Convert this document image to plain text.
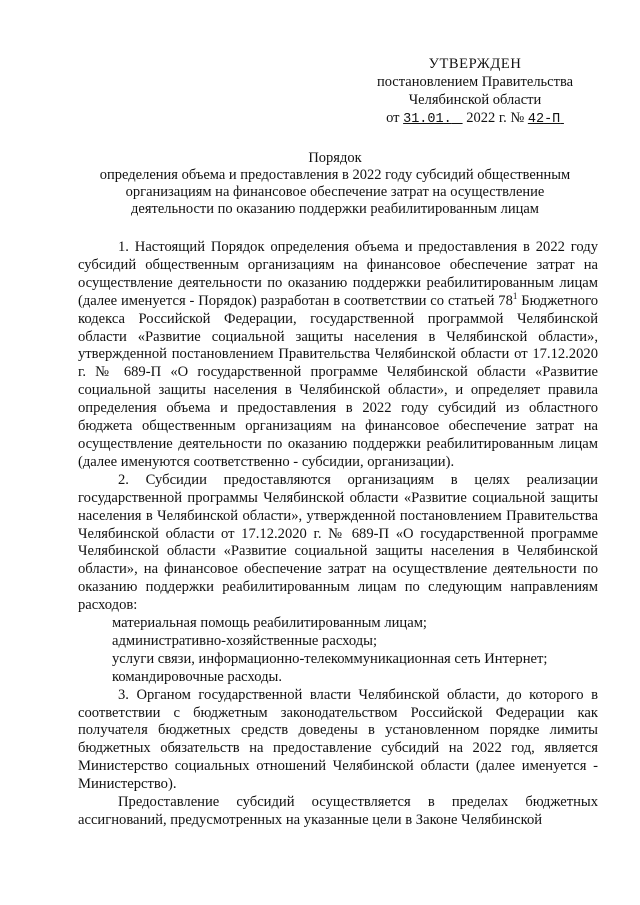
УТВЕРЖДЕН
постановлением Правительства
Челябинской области
от 31.01.    2022 г. № 42-П
Порядок
определения объема и предоставления в 2022 году субсидий общественным
организациям на финансовое обеспечение затрат на осуществление
деятельности по оказанию поддержки реабилитированным лицам

1. Настоящий Порядок определения объема и предоставления в 2022 году субсидий общественным организациям на финансовое обеспечение затрат на осуществление деятельности по оказанию поддержки реабилитированным лицам (далее именуется - Порядок) разработан в соответствии со статьей $78^1$ Бюджетного кодекса Российской Федерации, государственной программой Челябинской области «Развитие социальной защиты населения в Челябинской области», утвержденной постановлением Правительства Челябинской области от 17.12.2020 г. № 689-П «О государственной программе Челябинской области «Развитие социальной защиты населения в Челябинской области», и определяет правила определения объема и предоставления в 2022 году субсидий из областного бюджета общественным организациям на финансовое обеспечение затрат на осуществление деятельности по оказанию поддержки реабилитированным лицам (далее именуются соответственно - субсидии, организации).

2. Субсидии предоставляются организациям в целях реализации государственной программы Челябинской области «Развитие социальной защиты населения в Челябинской области», утвержденной постановлением Правительства Челябинской области от 17.12.2020 г. № 689-П «О государственной программе Челябинской области «Развитие социальной защиты населения в Челябинской области», на финансовое обеспечение затрат на осуществление деятельности по оказанию поддержки реабилитированным лицам по следующим направлениям расходов:

материальная помощь реабилитированным лицам;

административно-хозяйственные расходы;

услуги связи, информационно-телекоммуникационная сеть Интернет;

командировочные расходы.

3. Органом государственной власти Челябинской области, до которого в соответствии с бюджетным законодательством Российской Федерации как получателя бюджетных средств доведены в установленном порядке лимиты бюджетных обязательств на предоставление субсидий на 2022 год, является Министерство социальных отношений Челябинской области (далее именуется - Министерство).

Предоставление субсидий осуществляется в пределах бюджетных ассигнований, предусмотренных на указанные цели в Законе Челябинской
